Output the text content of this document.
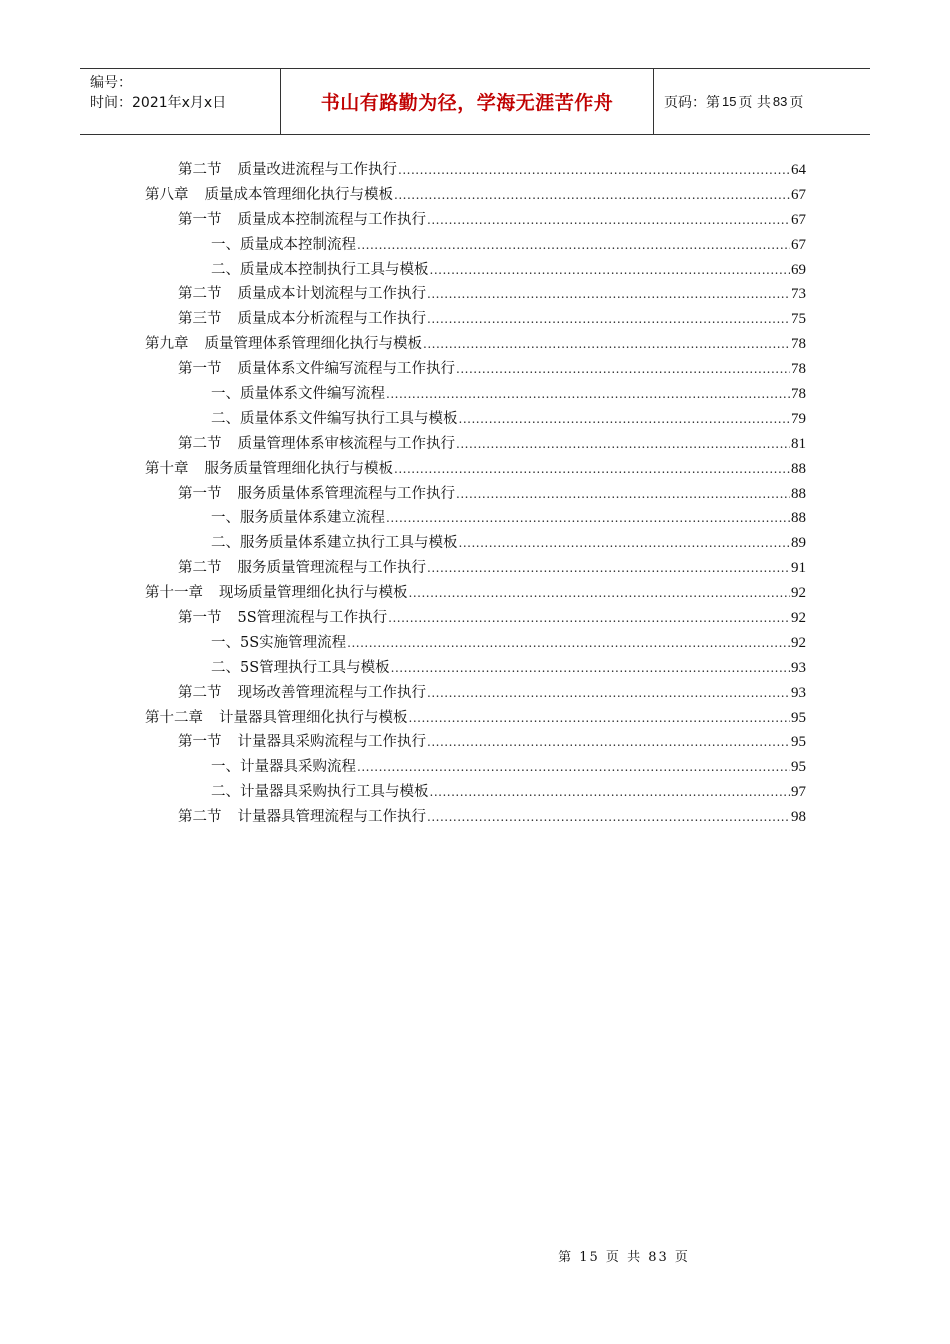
编号：
时间：2021年x月x日	书山有路勤为径，学海无涯苦作舟	页码：第 15 页 共 83 页
第二节 质量改进流程与工作执行 .....	64
第八章 质量成本管理细化执行与模板 .....	67
第一节 质量成本控制流程与工作执行 .....	67
一、质量成本控制流程 .....	67
二、质量成本控制执行工具与模板 .....	69
第二节 质量成本计划流程与工作执行 .....	73
第三节 质量成本分析流程与工作执行 .....	75
第九章 质量管理体系管理细化执行与模板 .....	78
第一节 质量体系文件编写流程与工作执行 .....	78
一、质量体系文件编写流程 .....	78
二、质量体系文件编写执行工具与模板 .....	79
第二节 质量管理体系审核流程与工作执行 .....	81
第十章 服务质量管理细化执行与模板 .....	88
第一节 服务质量体系管理流程与工作执行 .....	88
一、服务质量体系建立流程 .....	88
二、服务质量体系建立执行工具与模板 .....	89
第二节 服务质量管理流程与工作执行 .....	91
第十一章 现场质量管理细化执行与模板 .....	92
第一节 5S管理流程与工作执行 .....	92
一、5S实施管理流程 .....	92
二、5S管理执行工具与模板 .....	93
第二节 现场改善管理流程与工作执行 .....	93
第十二章 计量器具管理细化执行与模板 .....	95
第一节 计量器具采购流程与工作执行 .....	95
一、计量器具采购流程 .....	95
二、计量器具采购执行工具与模板 .....	97
第二节 计量器具管理流程与工作执行 .....	98
第 15 页 共 83 页
